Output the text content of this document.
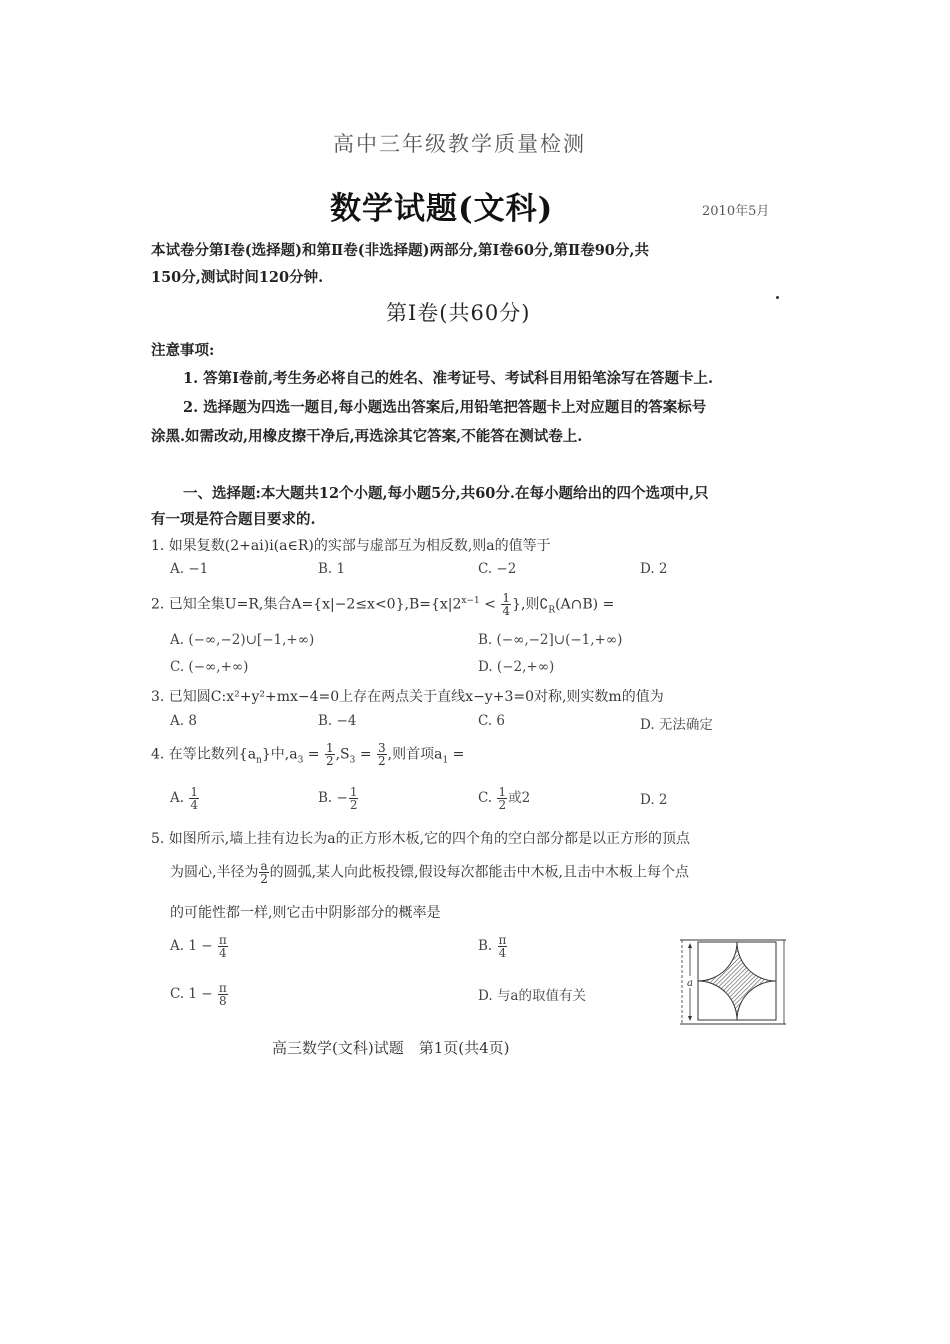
高中三年级教学质量检测
数学试题(文科)	2010年5月
本试卷分第Ⅰ卷(选择题)和第Ⅱ卷(非选择题)两部分,第Ⅰ卷60分,第Ⅱ卷90分,共
150分,测试时间120分钟.
第Ⅰ卷(共60分)
注意事项:
1. 答第Ⅰ卷前,考生务必将自己的姓名、准考证号、考试科目用铅笔涂写在答题卡上.
2. 选择题为四选一题目,每小题选出答案后,用铅笔把答题卡上对应题目的答案标号
涂黑.如需改动,用橡皮擦干净后,再选涂其它答案,不能答在测试卷上.
一、选择题:本大题共12个小题,每小题5分,共60分.在每小题给出的四个选项中,只
有一项是符合题目要求的.
1. 如果复数(2+ai)i(a∈R)的实部与虚部互为相反数,则a的值等于
A. −1	B. 1	C. −2	D. 2
2. 已知全集U=R,集合$A=\{x|-2\le x<0\},B=\{x|2^{x-1} < \frac{1}{4}$ },则$∁_R(A\cap B)$ =
A. (−∞,−2)∪[−1,+∞)	B. (−∞,−2]∪(−1,+∞)
C. (−∞,+∞)	D. (−2,+∞)
3. 已知圆C:x²+y²+mx−4=0上存在两点关于直线x−y+3=0对称,则实数m的值为
A. 8	B. −4	C. 6	D. 无法确定
4. 在等比数列$\{a_n\}$中$,a_3 = \frac{1}{2} ,S_3 = \frac{3}{2}$ ,则首项$a_1$ =
A. $\frac{1}{4}$	B. − $\frac{1}{2}$	C. $\frac{1}{2}$ 或2	D. 2
5. 如图所示,墙上挂有边长为a的正方形木板,它的四个角的空白部分都是以正方形的顶点
为圆心,半径为 $\frac{a}{2}$ 的圆弧,某人向此板投镖,假设每次都能击中木板,且击中木板上每个点
的可能性都一样,则它击中阴影部分的概率是
A. $1 - \frac{\pi}{4}$	B. $\frac{\pi}{4}$
C. $1 - \frac{\pi}{8}$	D. 与a的取值有关
a
高三数学(文科)试题　第1页(共4页)
